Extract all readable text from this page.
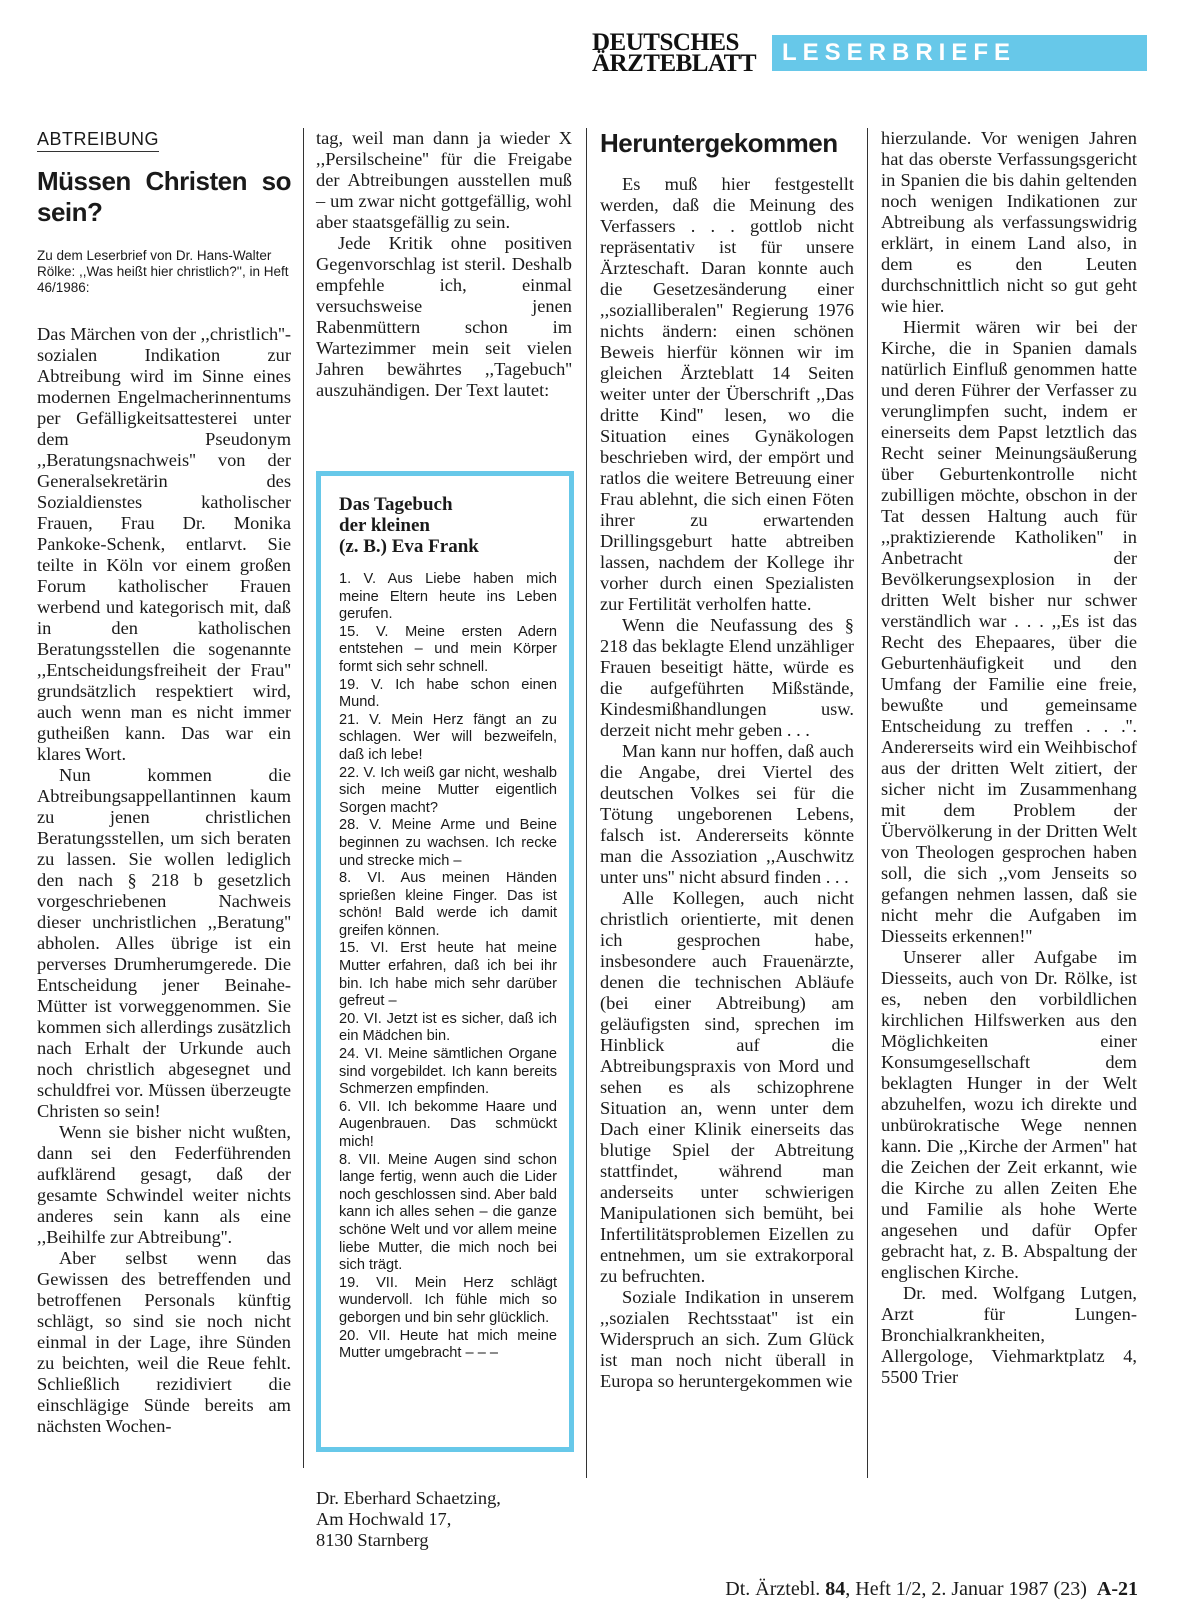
DEUTSCHES
ÄRZTEBLATT	LESERBRIEFE
ABTREIBUNG
Müssen Christen so sein?
Zu dem Leserbrief von Dr. Hans-Walter Rölke: ,,Was heißt hier christlich?'', in Heft 46/1986:

Das Märchen von der ,,christlich''-sozialen Indikation zur Abtreibung wird im Sinne eines modernen Engelmacherinnentums per Gefälligkeitsattesterei unter dem Pseudonym ,,Beratungsnachweis'' von der Generalsekretärin des Sozialdienstes katholischer Frauen, Frau Dr. Monika Pankoke-Schenk, entlarvt. Sie teilte in Köln vor einem großen Forum katholischer Frauen werbend und kategorisch mit, daß in den katholischen Beratungsstellen die sogenannte ,,Entscheidungsfreiheit der Frau'' grundsätzlich respektiert wird, auch wenn man es nicht immer gutheißen kann. Das war ein klares Wort.

Nun kommen die Abtreibungsappellantinnen kaum zu jenen christlichen Beratungsstellen, um sich beraten zu lassen. Sie wollen lediglich den nach § 218 b gesetzlich vorgeschriebenen Nachweis dieser unchristlichen ,,Beratung'' abholen. Alles übrige ist ein perverses Drumherumgerede. Die Entscheidung jener Beinahe-Mütter ist vorweggenommen. Sie kommen sich allerdings zusätzlich nach Erhalt der Urkunde auch noch christlich abgesegnet und schuldfrei vor. Müssen überzeugte Christen so sein!

Wenn sie bisher nicht wußten, dann sei den Federführenden aufklärend gesagt, daß der gesamte Schwindel weiter nichts anderes sein kann als eine ,,Beihilfe zur Abtreibung''.

Aber selbst wenn das Gewissen des betreffenden und betroffenen Personals künftig schlägt, so sind sie noch nicht einmal in der Lage, ihre Sünden zu beichten, weil die Reue fehlt. Schließlich rezidiviert die einschlägige Sünde bereits am nächsten Wochen-

tag, weil man dann ja wieder X ,,Persilscheine'' für die Freigabe der Abtreibungen ausstellen muß – um zwar nicht gottgefällig, wohl aber staatsgefällig zu sein.

Jede Kritik ohne positiven Gegenvorschlag ist steril. Deshalb empfehle ich, einmal versuchsweise jenen Rabenmüttern schon im Wartezimmer mein seit vielen Jahren bewährtes ,,Tagebuch'' auszuhändigen. Der Text lautet:

Das Tagebuch
der kleinen
(z. B.) Eva Frank

1. V. Aus Liebe haben mich meine Eltern heute ins Leben gerufen.

15. V. Meine ersten Adern entstehen – und mein Körper formt sich sehr schnell.

19. V. Ich habe schon einen Mund.

21. V. Mein Herz fängt an zu schlagen. Wer will bezweifeln, daß ich lebe!

22. V. Ich weiß gar nicht, weshalb sich meine Mutter eigentlich Sorgen macht?

28. V. Meine Arme und Beine beginnen zu wachsen. Ich recke und strecke mich –

8. VI. Aus meinen Händen sprießen kleine Finger. Das ist schön! Bald werde ich damit greifen können.

15. VI. Erst heute hat meine Mutter erfahren, daß ich bei ihr bin. Ich habe mich sehr darüber gefreut –

20. VI. Jetzt ist es sicher, daß ich ein Mädchen bin.

24. VI. Meine sämtlichen Organe sind vorgebildet. Ich kann bereits Schmerzen empfinden.

6. VII. Ich bekomme Haare und Augenbrauen. Das schmückt mich!

8. VII. Meine Augen sind schon lange fertig, wenn auch die Lider noch geschlossen sind. Aber bald kann ich alles sehen – die ganze schöne Welt und vor allem meine liebe Mutter, die mich noch bei sich trägt.

19. VII. Mein Herz schlägt wundervoll. Ich fühle mich so geborgen und bin sehr glücklich.

20. VII. Heute hat mich meine Mutter umgebracht – – –

Dr. Eberhard Schaetzing,
Am Hochwald 17,
8130 Starnberg
Heruntergekommen

Es muß hier festgestellt werden, daß die Meinung des Verfassers . . . gottlob nicht repräsentativ ist für unsere Ärzteschaft. Daran konnte auch die Gesetzesänderung einer ,,sozialliberalen'' Regierung 1976 nichts ändern: einen schönen Beweis hierfür können wir im gleichen Ärzteblatt 14 Seiten weiter unter der Überschrift ,,Das dritte Kind'' lesen, wo die Situation eines Gynäkologen beschrieben wird, der empört und ratlos die weitere Betreuung einer Frau ablehnt, die sich einen Föten ihrer zu erwartenden Drillingsgeburt hatte abtreiben lassen, nachdem der Kollege ihr vorher durch einen Spezialisten zur Fertilität verholfen hatte.

Wenn die Neufassung des § 218 das beklagte Elend unzähliger Frauen beseitigt hätte, würde es die aufgeführten Mißstände, Kindesmißhandlungen usw. derzeit nicht mehr geben . . .

Man kann nur hoffen, daß auch die Angabe, drei Viertel des deutschen Volkes sei für die Tötung ungeborenen Lebens, falsch ist. Andererseits könnte man die Assoziation ,,Auschwitz unter uns'' nicht absurd finden . . .

Alle Kollegen, auch nicht christlich orientierte, mit denen ich gesprochen habe, insbesondere auch Frauenärzte, denen die technischen Abläufe (bei einer Abtreibung) am geläufigsten sind, sprechen im Hinblick auf die Abtreibungspraxis von Mord und sehen es als schizophrene Situation an, wenn unter dem Dach einer Klinik einerseits das blutige Spiel der Abtreitung stattfindet, während man anderseits unter schwierigen Manipulationen sich bemüht, bei Infertilitätsproblemen Eizellen zu entnehmen, um sie extrakorporal zu befruchten.

Soziale Indikation in unserem ,,sozialen Rechtsstaat'' ist ein Widerspruch an sich. Zum Glück ist man noch nicht überall in Europa so heruntergekommen wie

hierzulande. Vor wenigen Jahren hat das oberste Verfassungsgericht in Spanien die bis dahin geltenden noch wenigen Indikationen zur Abtreibung als verfassungswidrig erklärt, in einem Land also, in dem es den Leuten durchschnittlich nicht so gut geht wie hier.

Hiermit wären wir bei der Kirche, die in Spanien damals natürlich Einfluß genommen hatte und deren Führer der Verfasser zu verunglimpfen sucht, indem er einerseits dem Papst letztlich das Recht seiner Meinungsäußerung über Geburtenkontrolle nicht zubilligen möchte, obschon in der Tat dessen Haltung auch für ,,praktizierende Katholiken'' in Anbetracht der Bevölkerungsexplosion in der dritten Welt bisher nur schwer verständlich war . . . ,,Es ist das Recht des Ehepaares, über die Geburtenhäufigkeit und den Umfang der Familie eine freie, bewußte und gemeinsame Entscheidung zu treffen . . .''. Andererseits wird ein Weihbischof aus der dritten Welt zitiert, der sicher nicht im Zusammenhang mit dem Problem der Übervölkerung in der Dritten Welt von Theologen gesprochen haben soll, die sich ,,vom Jenseits so gefangen nehmen lassen, daß sie nicht mehr die Aufgaben im Diesseits erkennen!''

Unserer aller Aufgabe im Diesseits, auch von Dr. Rölke, ist es, neben den vorbildlichen kirchlichen Hilfswerken aus den Möglichkeiten einer Konsumgesellschaft dem beklagten Hunger in der Welt abzuhelfen, wozu ich direkte und unbürokratische Wege nennen kann. Die ,,Kirche der Armen'' hat die Zeichen der Zeit erkannt, wie die Kirche zu allen Zeiten Ehe und Familie als hohe Werte angesehen und dafür Opfer gebracht hat, z. B. Abspaltung der englischen Kirche.

Dr. med. Wolfgang Lutgen, Arzt für Lungen-Bronchialkrankheiten, Allergologe, Viehmarktplatz 4, 5500 Trier

Dt. Ärztebl. 84, Heft 1/2, 2. Januar 1987 (23) A-21
